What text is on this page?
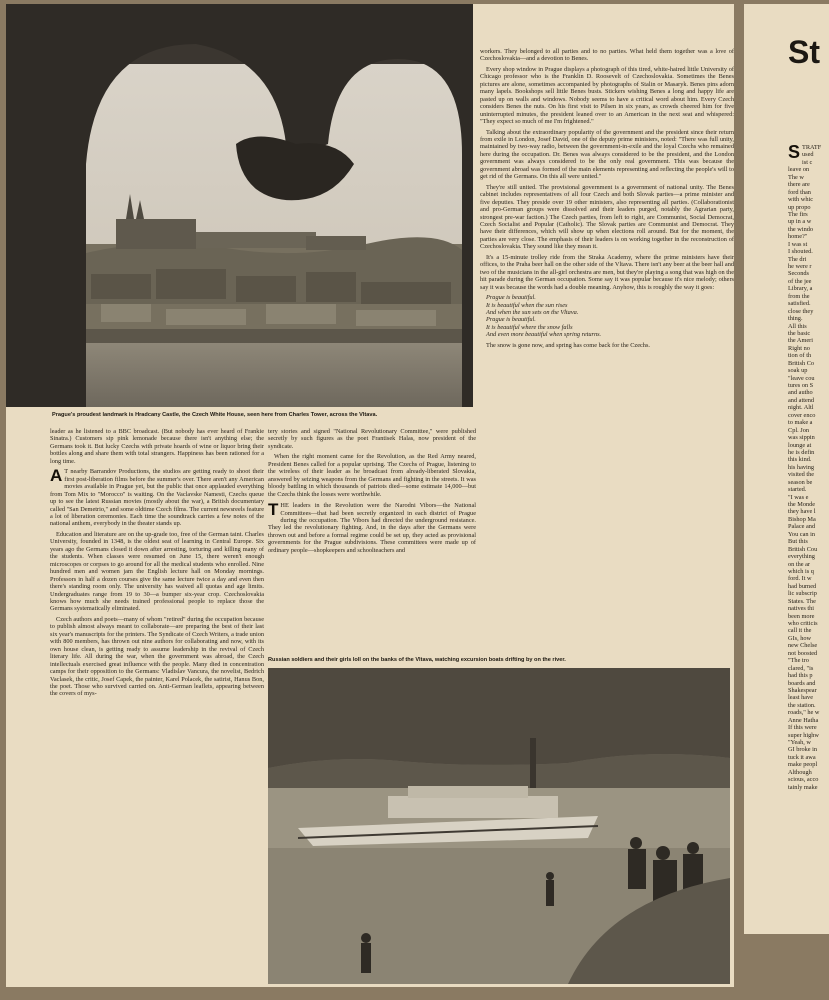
Prague's proudest landmark is Hradcany Castle, the Czech White House, seen here from Charles Tower, across the Vltava.

workers. They belonged to all parties and to no parties. What held them together was a love of Czechoslovakia—and a devotion to Benes.

Every shop window in Prague displays a photograph of this tired, white-haired little University of Chicago professor who is the Franklin D. Roosevelt of Czechoslovakia. Sometimes the Benes pictures are alone, sometimes accompanied by photographs of Stalin or Masaryk. Benes pins adorn many lapels. Bookshops sell little Benes busts. Stickers wishing Benes a long and happy life are pasted up on walls and windows. Nobody seems to have a critical word about him. Every Czech considers Benes the nuts. On his first visit to Pilsen in six years, as crowds cheered him for five uninterrupted minutes, the president leaned over to an American in the next seat and whispered: "They expect so much of me I'm frightened."

Talking about the extraordinary popularity of the government and the president since their return from exile in London, Josef David, one of the deputy prime ministers, noted: "There was full unity, maintained by two-way radio, between the government-in-exile and the loyal Czechs who remained here during the occupation. Dr. Benes was always considered to be the president, and the London government was always considered to be the only real government. This was because the government abroad was formed of the main elements representing and reflecting the people's will to get rid of the Germans. On this all were united."

They're still united. The provisional government is a government of national unity. The Benes cabinet includes representatives of all four Czech and both Slovak parties—a prime minister and five deputies. They preside over 19 other ministers, also representing all parties. (Collaborationist and pro-German groups were dissolved and their leaders purged, notably the Agrarian party, strongest pre-war faction.) The Czech parties, from left to right, are Communist, Social Democrat, Czech Socialist and Popular (Catholic). The Slovak parties are Communist and Democrat. They have their differences, which will show up when elections roll around. But for the moment, the parties are very close. The emphasis of their leaders is on working together in the reconstruction of Czechoslovakia. They sound like they mean it.

It's a 15-minute trolley ride from the Straka Academy, where the prime ministers have their offices, to the Praha beer hall on the other side of the Vltava. There isn't any beer at the beer hall and two of the musicians in the all-girl orchestra are men, but they're playing a song that was high on the hit parade during the German occupation. Some say it was popular because it's nice melody; others say it was because the words had a double meaning. Anyhow, this is roughly the way it goes:

Prague is beautiful.

It is beautiful when the sun rises

And when the sun sets on the Vltava.

Prague is beautiful.

It is beautiful where the snow falls

And even more beautiful when spring returns.

The snow is gone now, and spring has come back for the Czechs.

leader as he listened to a BBC broadcast. (But nobody has ever heard of Frankie Sinatra.) Customers sip pink lemonade because there isn't anything else; the Germans took it. But lucky Czechs with private hoards of wine or liquor bring their bottles along and share them with total strangers. Happiness has been rationed for a long time.

A T nearby Barrandov Productions, the studios are getting ready to shoot their first post-liberation films before the summer's over. There aren't any American movies available in Prague yet, but the public that once applauded everything from Tom Mix to "Morocco" is waiting. On the Vaclavske Namesti, Czechs queue up to see the latest Russian movies (mostly about the war), a British documentary called "San Demetrio," and some oldtime Czech films. The current newsreels feature a lot of liberation ceremonies. Each time the soundtrack carries a few notes of the national anthem, everybody in the theater stands up.

Education and literature are on the up-grade too, free of the German taint. Charles University, founded in 1348, is the oldest seat of learning in Central Europe. Six years ago the Germans closed it down after arresting, torturing and killing many of the students. When classes were resumed on June 15, there weren't enough microscopes or corpses to go around for all the medical students who enrolled. Nine hundred men and women jam the English lecture hall on Monday mornings. Professors in half a dozen courses give the same lecture twice a day and even then there's standing room only. The university has waived all quotas and age limits. Undergraduates range from 19 to 30—a bumper six-year crop. Czechoslovakia knows how much she needs trained professional people to replace those the Germans systematically eliminated.

Czech authors and poets—many of whom "retired" during the occupation because to publish almost always meant to collaborate—are preparing the best of their last six year's manuscripts for the printers. The Syndicate of Czech Writers, a trade union with 800 members, has thrown out nine authors for collaborating and now, with its own house clean, is getting ready to assume leadership in the revival of Czech literary life. All during the war, when the government was abroad, the Czech intellectuals exercised great influence with the people. Many died in concentration camps for their opposition to the Germans: Vladislav Vancura, the novelist, Bedrich Vaclasek, the critic, Josef Capek, the painter, Karel Polacek, the satirist, Hanus Bon, the poet. Those who survived carried on. Anti-German leaflets, appearing between the covers of mys-

tery stories and signed "National Revolutionary Committee," were published secretly by such figures as the poet Frantisek Halas, now president of the syndicate.

When the right moment came for the Revolution, as the Red Army neared, President Benes called for a popular uprising. The Czechs of Prague, listening to the wireless of their leader as he broadcast from already-liberated Slovakia, answered by seizing weapons from the Germans and fighting in the streets. It was bloody battling in which thousands of patriots died—some estimate 14,000—but the Czechs think the losses were worthwhile.

THE leaders in the Revolution were the Narodni Vibors—the National Committees—that had been secretly organized in each district of Prague during the occupation. The Vibors had directed the underground resistance. They led the revolutionary fighting. And, in the days after the Germans were thrown out and before a formal regime could be set up, they acted as provisional governments for the Prague subdivisions. These committees were made up of ordinary people—shopkeepers and schoolteachers and

Russian soldiers and their girls loll on the banks of the Vltava, watching excursion boats drifting by on the river.
St
S TRATF
used
ist c
leave on
The w
there are
ford than
with whic
up propo
The firs
up in a w
the windo
home?"
I was st
I shouted.
The dri
he were r
Seconds
of the jee
Library, a
from the
satisfied.
close they
thing.
All this
the basic
the Ameri
Right no
tion of th
British Co
soak up
"leave cou
tures on S
and autho
and attend
night. Altl
cover enco
to make a
Cpl. Jon
was sippin
lounge at
he is defin
this kind.
his having
visited the
season be
started.
"I was e
the Monde
they have l
Bishop Ma
Palace and
You can in
But this
British Cou
everything
on the ar
which is q
ford. It w
had burned
lic subscrip
States. The
natives thi
been more
who criticis
call it the
GIs, how
new Chelse
not boosted
"The tro
clared, "is
had this p
boards and
Shakespear
least have
the station.
roads," he w
Anne Hatha
If this were
super highw
"Yeah, w
GI broke in
tuck it awa
make peopl
Although
scious, acco
tainly make
